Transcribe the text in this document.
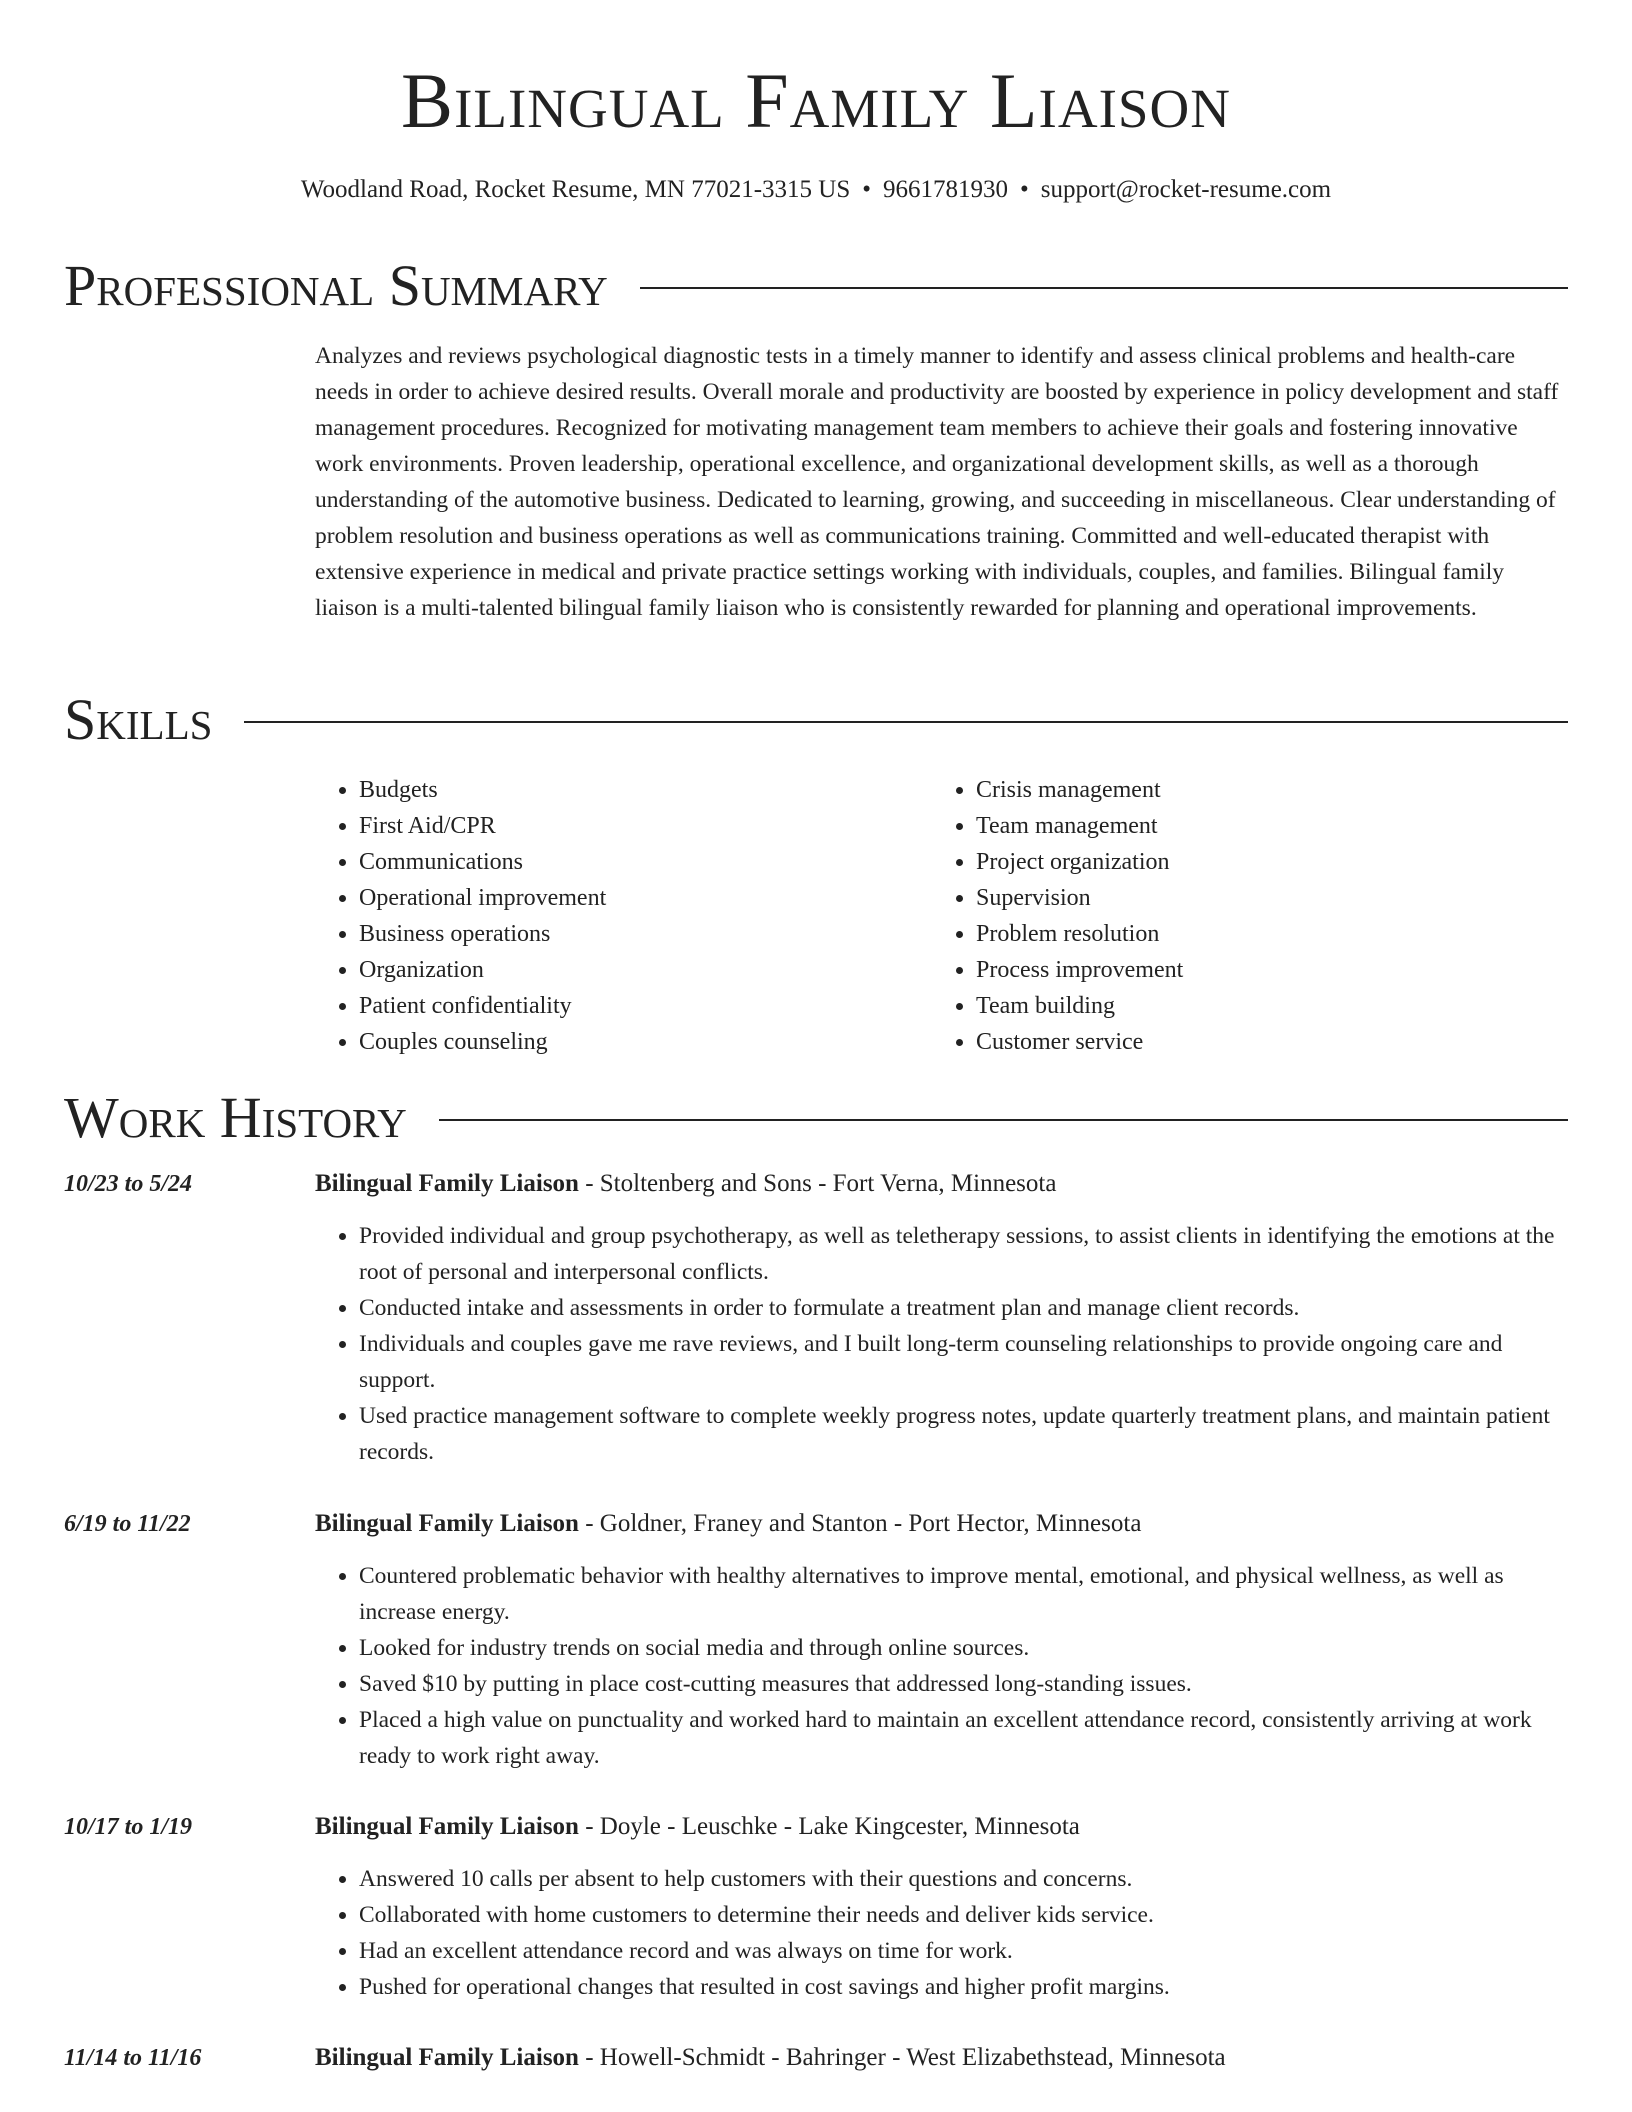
Bilingual Family Liaison
Woodland Road, Rocket Resume, MN 77021-3315 US • 9661781930 • support@rocket-resume.com
Professional Summary

Analyzes and reviews psychological diagnostic tests in a timely manner to identify and assess clinical problems and health-care needs in order to achieve desired results. Overall morale and productivity are boosted by experience in policy development and staff management procedures. Recognized for motivating management team members to achieve their goals and fostering innovative work environments. Proven leadership, operational excellence, and organizational development skills, as well as a thorough understanding of the automotive business. Dedicated to learning, growing, and succeeding in miscellaneous. Clear understanding of problem resolution and business operations as well as communications training. Committed and well-educated therapist with extensive experience in medical and private practice settings working with individuals, couples, and families. Bilingual family liaison is a multi-talented bilingual family liaison who is consistently rewarded for planning and operational improvements.

Skills
• Budgets
• First Aid/CPR
• Communications
• Operational improvement
• Business operations
• Organization
• Patient confidentiality
• Couples counseling
• Crisis management
• Team management
• Project organization
• Supervision
• Problem resolution
• Process improvement
• Team building
• Customer service
Work History
10/23 to 5/24	Bilingual Family Liaison - Stoltenberg and Sons - Fort Verna, Minnesota
• Provided individual and group psychotherapy, as well as teletherapy sessions, to assist clients in identifying the emotions at the root of personal and interpersonal conflicts.
• Conducted intake and assessments in order to formulate a treatment plan and manage client records.
• Individuals and couples gave me rave reviews, and I built long-term counseling relationships to provide ongoing care and support.
• Used practice management software to complete weekly progress notes, update quarterly treatment plans, and maintain patient records.
6/19 to 11/22	Bilingual Family Liaison - Goldner, Franey and Stanton - Port Hector, Minnesota
• Countered problematic behavior with healthy alternatives to improve mental, emotional, and physical wellness, as well as increase energy.
• Looked for industry trends on social media and through online sources.
• Saved $10 by putting in place cost-cutting measures that addressed long-standing issues.
• Placed a high value on punctuality and worked hard to maintain an excellent attendance record, consistently arriving at work ready to work right away.
10/17 to 1/19	Bilingual Family Liaison - Doyle - Leuschke - Lake Kingcester, Minnesota
• Answered 10 calls per absent to help customers with their questions and concerns.
• Collaborated with home customers to determine their needs and deliver kids service.
• Had an excellent attendance record and was always on time for work.
• Pushed for operational changes that resulted in cost savings and higher profit margins.
11/14 to 11/16	Bilingual Family Liaison - Howell-Schmidt - Bahringer - West Elizabethstead, Minnesota
